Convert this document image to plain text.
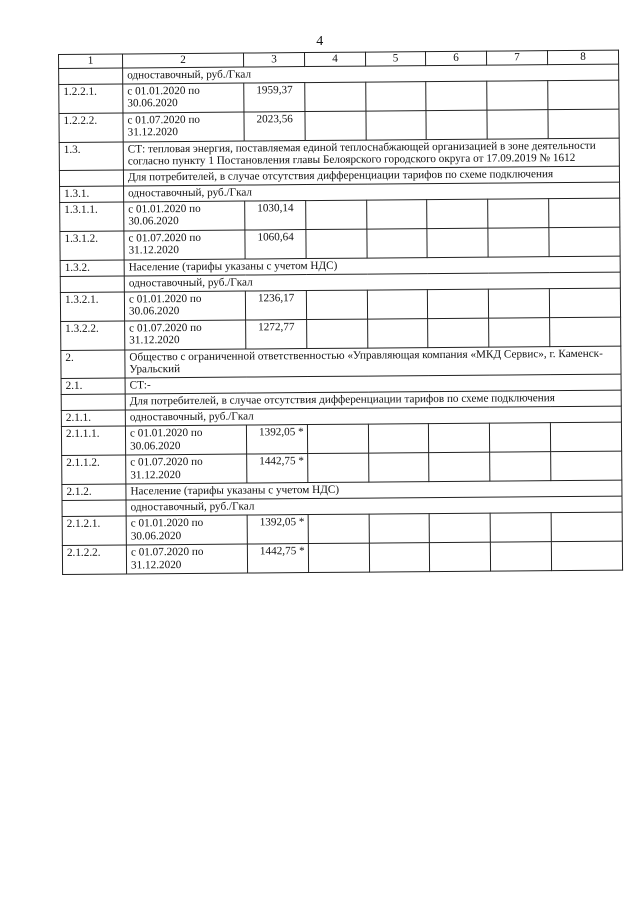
4
1	2	3	4	5	6	7	8
	одноставочный, руб./Гкал						
1.2.2.1.	с 01.01.2020 по 30.06.2020	1959,37					
1.2.2.2.	с 01.07.2020 по 31.12.2020	2023,56					
1.3.	СТ: тепловая энергия, поставляемая единой теплоснабжающей организацией в зоне деятельности согласно пункту 1 Постановления главы Белоярского городского округа от 17.09.2019 № 1612						
	Для потребителей, в случае отсутствия дифференциации тарифов по схеме подключения						
1.3.1.	одноставочный, руб./Гкал						
1.3.1.1.	с 01.01.2020 по 30.06.2020	1030,14					
1.3.1.2.	с 01.07.2020 по 31.12.2020	1060,64					
1.3.2.	Население (тарифы указаны с учетом НДС)						
	одноставочный, руб./Гкал						
1.3.2.1.	с 01.01.2020 по 30.06.2020	1236,17					
1.3.2.2.	с 01.07.2020 по 31.12.2020	1272,77					
2.	Общество с ограниченной ответственностью «Управляющая компания «МКД Сервис», г. Каменск-Уральский						
2.1.	СТ:-						
	Для потребителей, в случае отсутствия дифференциации тарифов по схеме подключения						
2.1.1.	одноставочный, руб./Гкал						
2.1.1.1.	с 01.01.2020 по 30.06.2020	1392,05 *					
2.1.1.2.	с 01.07.2020 по 31.12.2020	1442,75 *					
2.1.2.	Население (тарифы указаны с учетом НДС)						
	одноставочный, руб./Гкал						
2.1.2.1.	с 01.01.2020 по 30.06.2020	1392,05 *					
2.1.2.2.	с 01.07.2020 по 31.12.2020	1442,75 *					
